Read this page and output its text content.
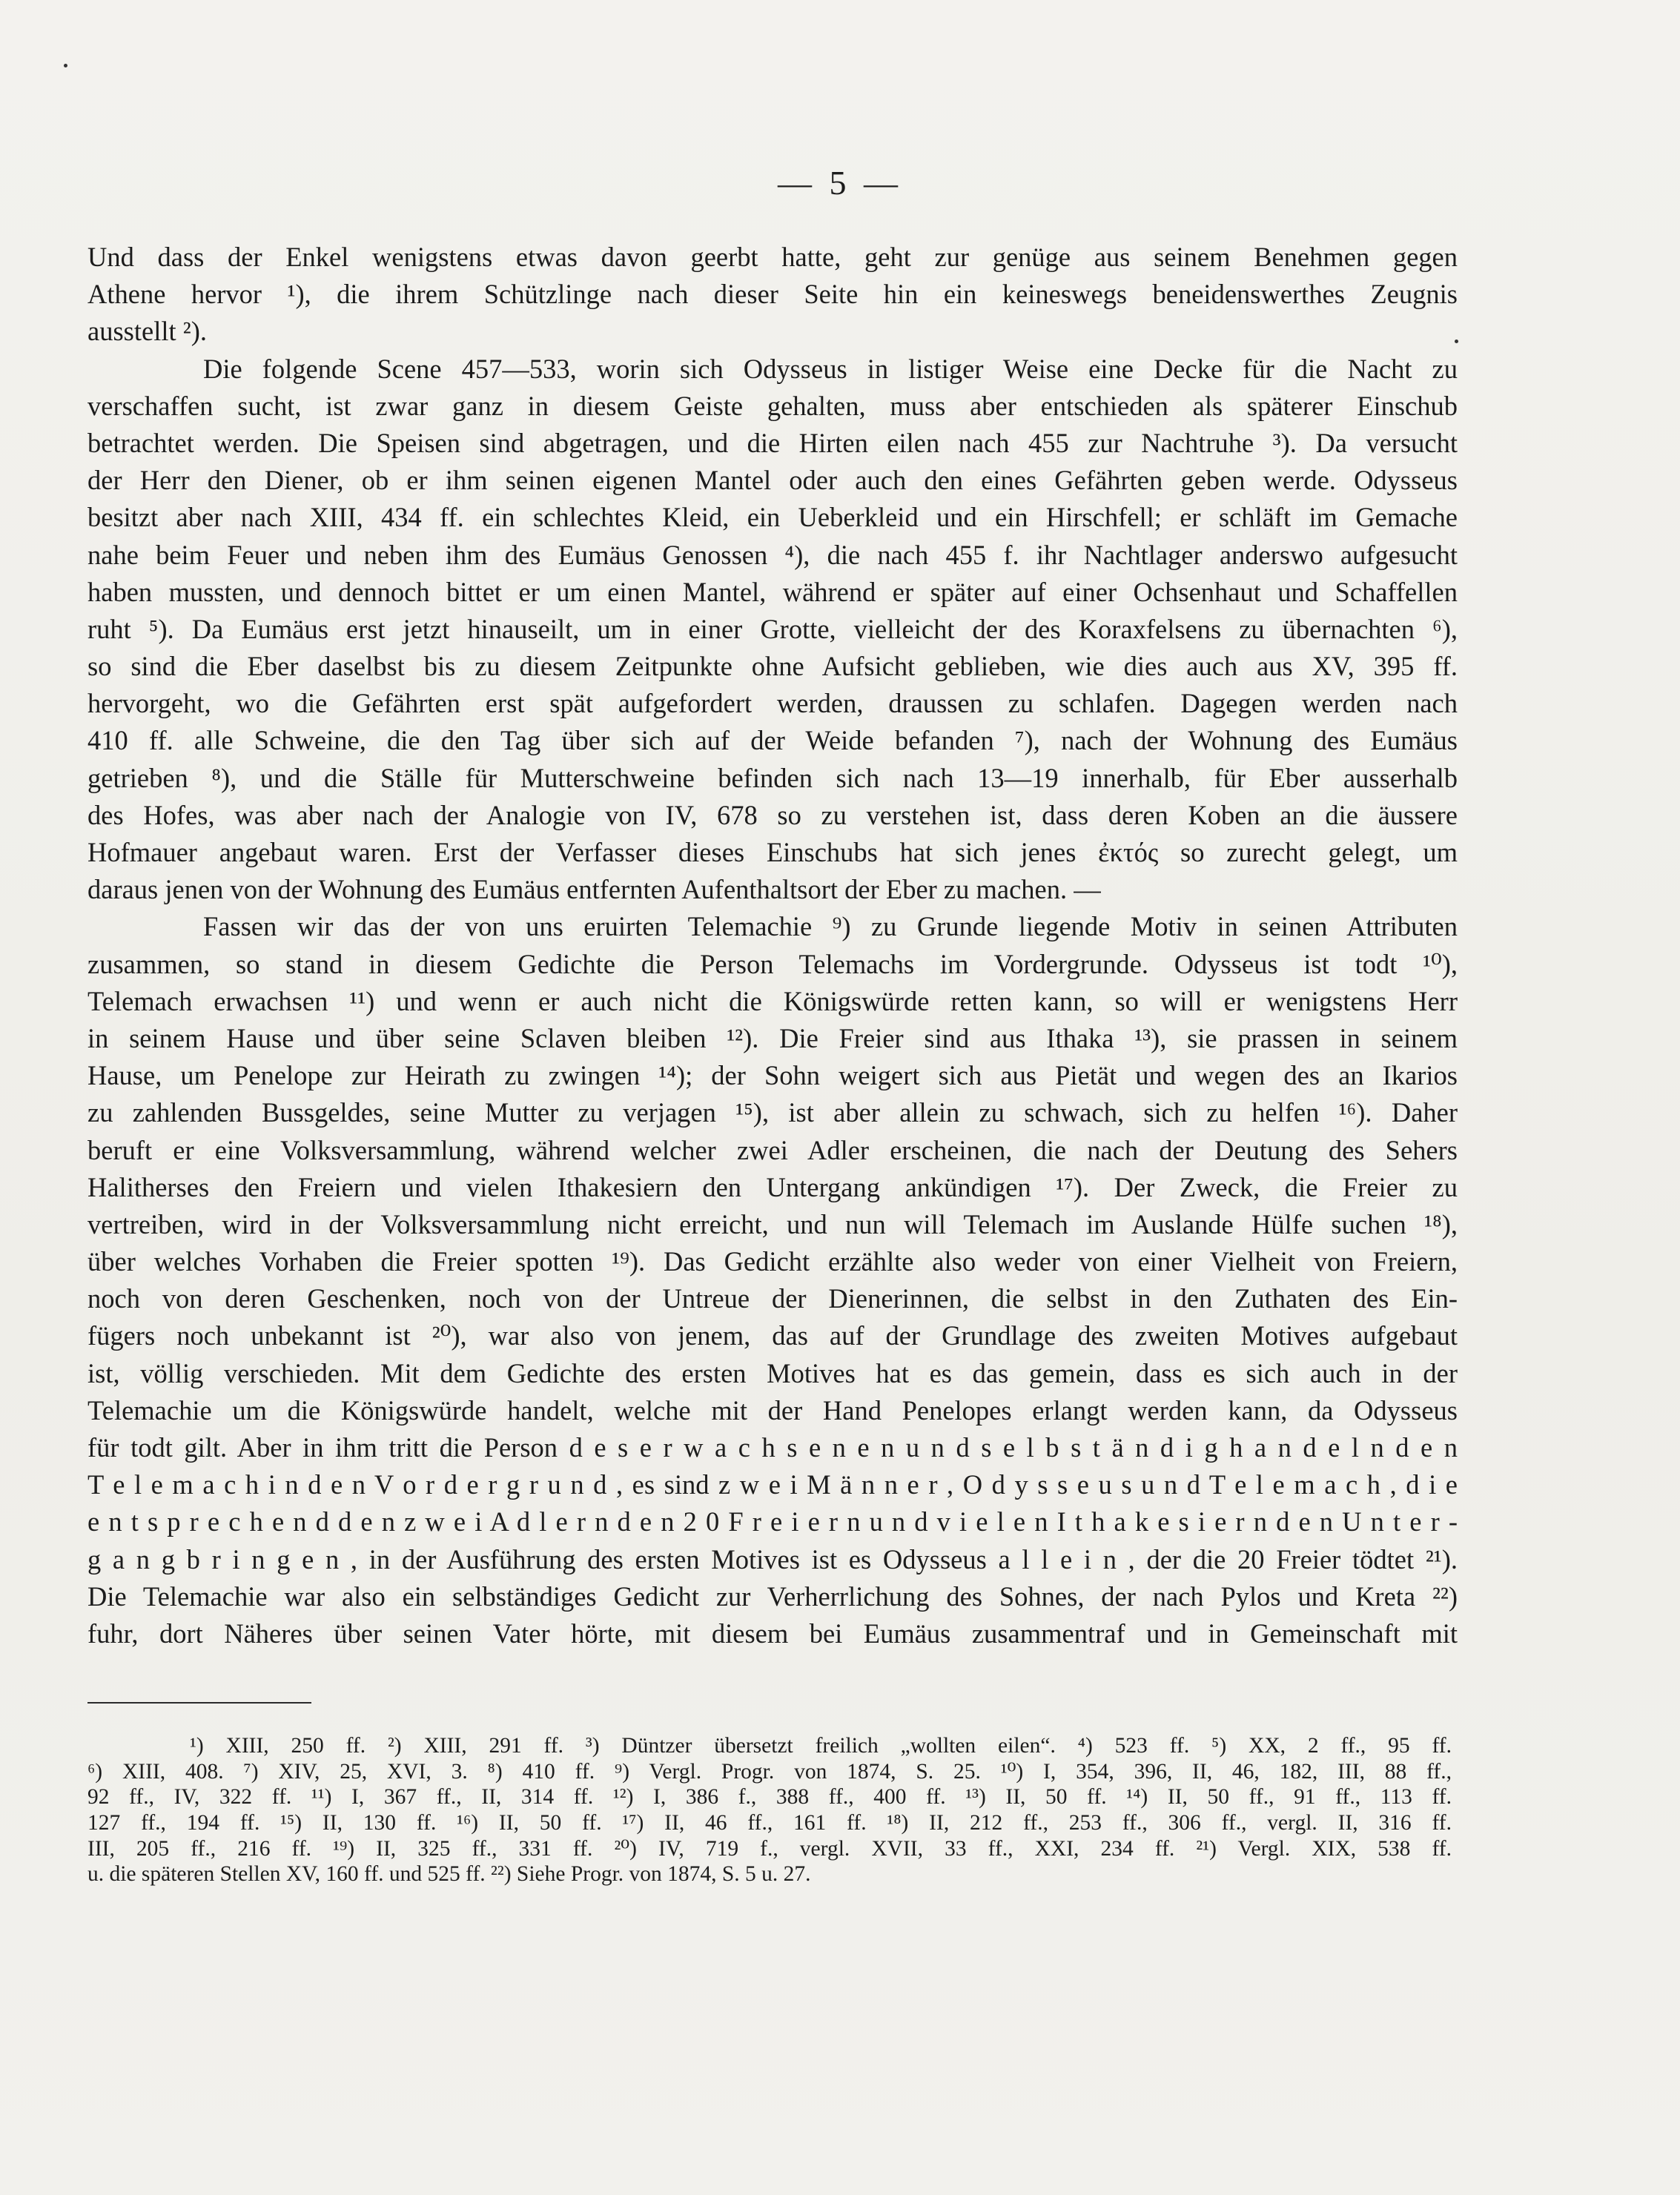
— 5 —
Und dass der Enkel wenigstens etwas davon geerbt hatte, geht zur genüge aus seinem Benehmen gegen
Athene hervor ¹), die ihrem Schützlinge nach dieser Seite hin ein keineswegs beneidenswerthes Zeugnis
ausstellt ²).
Die folgende Scene 457—533, worin sich Odysseus in listiger Weise eine Decke für die Nacht zu
verschaffen sucht, ist zwar ganz in diesem Geiste gehalten, muss aber entschieden als späterer Einschub
betrachtet werden. Die Speisen sind abgetragen, und die Hirten eilen nach 455 zur Nachtruhe ³). Da versucht
der Herr den Diener, ob er ihm seinen eigenen Mantel oder auch den eines Gefährten geben werde. Odysseus
besitzt aber nach XIII, 434 ff. ein schlechtes Kleid, ein Ueberkleid und ein Hirschfell; er schläft im Gemache
nahe beim Feuer und neben ihm des Eumäus Genossen ⁴), die nach 455 f. ihr Nachtlager anderswo aufgesucht
haben mussten, und dennoch bittet er um einen Mantel, während er später auf einer Ochsenhaut und Schaffellen
ruht ⁵). Da Eumäus erst jetzt hinauseilt, um in einer Grotte, vielleicht der des Koraxfelsens zu übernachten ⁶),
so sind die Eber daselbst bis zu diesem Zeitpunkte ohne Aufsicht geblieben, wie dies auch aus XV, 395 ff.
hervorgeht, wo die Gefährten erst spät aufgefordert werden, draussen zu schlafen. Dagegen werden nach
410 ff. alle Schweine, die den Tag über sich auf der Weide befanden ⁷), nach der Wohnung des Eumäus
getrieben ⁸), und die Ställe für Mutterschweine befinden sich nach 13—19 innerhalb, für Eber ausserhalb
des Hofes, was aber nach der Analogie von IV, 678 so zu verstehen ist, dass deren Koben an die äussere
Hofmauer angebaut waren. Erst der Verfasser dieses Einschubs hat sich jenes ἐκτός so zurecht gelegt, um
daraus jenen von der Wohnung des Eumäus entfernten Aufenthaltsort der Eber zu machen. —
Fassen wir das der von uns eruirten Telemachie ⁹) zu Grunde liegende Motiv in seinen Attributen
zusammen, so stand in diesem Gedichte die Person Telemachs im Vordergrunde. Odysseus ist todt ¹⁰),
Telemach erwachsen ¹¹) und wenn er auch nicht die Königswürde retten kann, so will er wenigstens Herr
in seinem Hause und über seine Sclaven bleiben ¹²). Die Freier sind aus Ithaka ¹³), sie prassen in seinem
Hause, um Penelope zur Heirath zu zwingen ¹⁴); der Sohn weigert sich aus Pietät und wegen des an Ikarios
zu zahlenden Bussgeldes, seine Mutter zu verjagen ¹⁵), ist aber allein zu schwach, sich zu helfen ¹⁶). Daher
beruft er eine Volksversammlung, während welcher zwei Adler erscheinen, die nach der Deutung des Sehers
Halitherses den Freiern und vielen Ithakesiern den Untergang ankündigen ¹⁷). Der Zweck, die Freier zu
vertreiben, wird in der Volksversammlung nicht erreicht, und nun will Telemach im Auslande Hülfe suchen ¹⁸),
über welches Vorhaben die Freier spotten ¹⁹). Das Gedicht erzählte also weder von einer Vielheit von Freiern,
noch von deren Geschenken, noch von der Untreue der Dienerinnen, die selbst in den Zuthaten des Ein-
fügers noch unbekannt ist ²⁰), war also von jenem, das auf der Grundlage des zweiten Motives aufgebaut
ist, völlig verschieden. Mit dem Gedichte des ersten Motives hat es das gemein, dass es sich auch in der
Telemachie um die Königswürde handelt, welche mit der Hand Penelopes erlangt werden kann, da Odysseus
für todt gilt. Aber in ihm tritt die Person d e s e r w a c h s e n e n u n d s e l b s t ä n d i g h a n d e l n d e n
T e l e m a c h i n d e n V o r d e r g r u n d , es sind z w e i M ä n n e r , O d y s s e u s u n d T e l e m a c h , d i e
e n t s p r e c h e n d d e n z w e i A d l e r n d e n 2 0 F r e i e r n u n d v i e l e n I t h a k e s i e r n d e n U n t e r -
g a n g b r i n g e n , in der Ausführung des ersten Motives ist es Odysseus a l l e i n , der die 20 Freier tödtet ²¹).
Die Telemachie war also ein selbständiges Gedicht zur Verherrlichung des Sohnes, der nach Pylos und Kreta ²²)
fuhr, dort Näheres über seinen Vater hörte, mit diesem bei Eumäus zusammentraf und in Gemeinschaft mit
¹) XIII, 250 ff. ²) XIII, 291 ff. ³) Düntzer übersetzt freilich „wollten eilen“. ⁴) 523 ff. ⁵) XX, 2 ff., 95 ff.
⁶) XIII, 408. ⁷) XIV, 25, XVI, 3. ⁸) 410 ff. ⁹) Vergl. Progr. von 1874, S. 25. ¹⁰) I, 354, 396, II, 46, 182, III, 88 ff.,
92 ff., IV, 322 ff. ¹¹) I, 367 ff., II, 314 ff. ¹²) I, 386 f., 388 ff., 400 ff. ¹³) II, 50 ff. ¹⁴) II, 50 ff., 91 ff., 113 ff.
127 ff., 194 ff. ¹⁵) II, 130 ff. ¹⁶) II, 50 ff. ¹⁷) II, 46 ff., 161 ff. ¹⁸) II, 212 ff., 253 ff., 306 ff., vergl. II, 316 ff.
III, 205 ff., 216 ff. ¹⁹) II, 325 ff., 331 ff. ²⁰) IV, 719 f., vergl. XVII, 33 ff., XXI, 234 ff. ²¹) Vergl. XIX, 538 ff.
u. die späteren Stellen XV, 160 ff. und 525 ff. ²²) Siehe Progr. von 1874, S. 5 u. 27.
